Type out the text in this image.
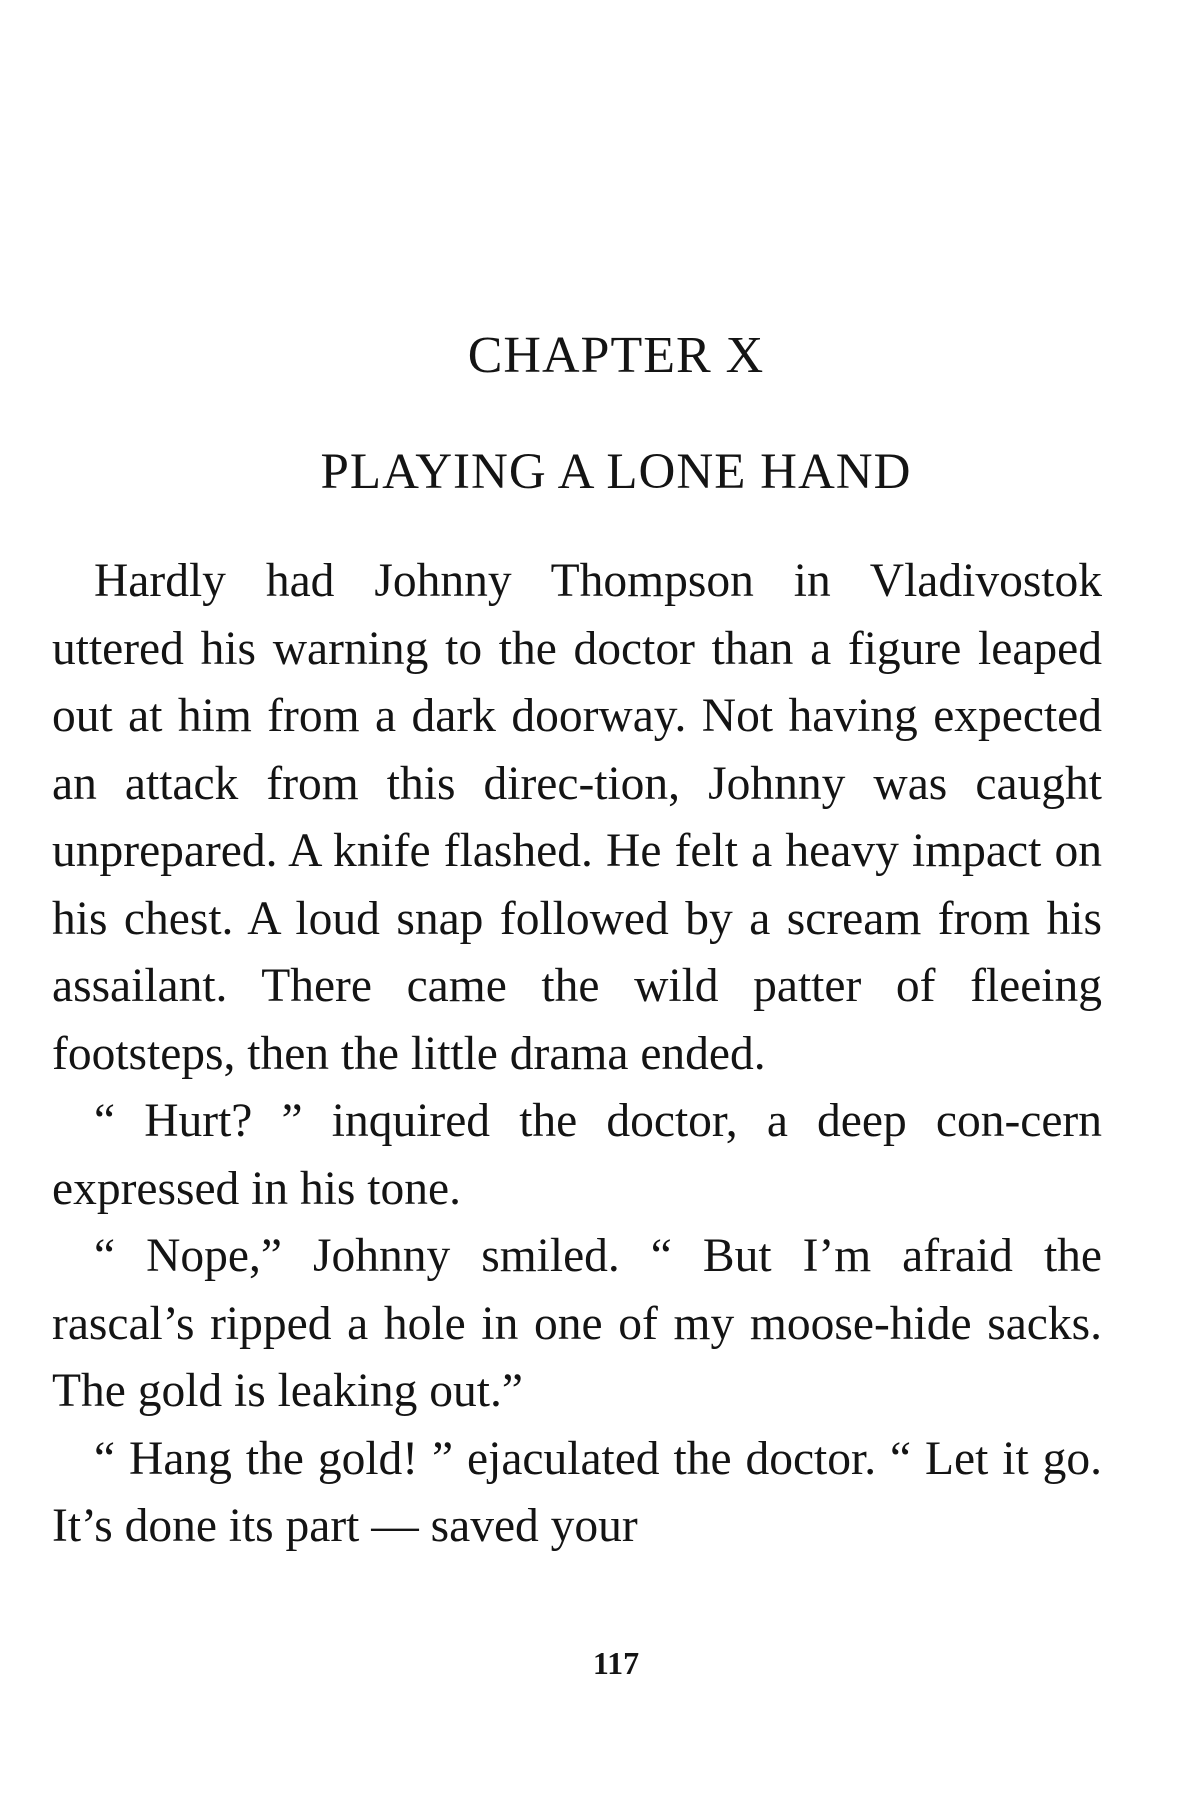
CHAPTER X
PLAYING A LONE HAND

Hardly had Johnny Thompson in Vladivostok uttered his warning to the doctor than a figure leaped out at him from a dark doorway. Not having expected an attack from this direc-tion, Johnny was caught unprepared. A knife flashed. He felt a heavy impact on his chest. A loud snap followed by a scream from his assailant. There came the wild patter of fleeing footsteps, then the little drama ended.

“ Hurt? ” inquired the doctor, a deep con-cern expressed in his tone.

“ Nope,” Johnny smiled. “ But I’m afraid the rascal’s ripped a hole in one of my moose-hide sacks. The gold is leaking out.”

“ Hang the gold! ” ejaculated the doctor. “ Let it go. It’s done its part — saved your

117
